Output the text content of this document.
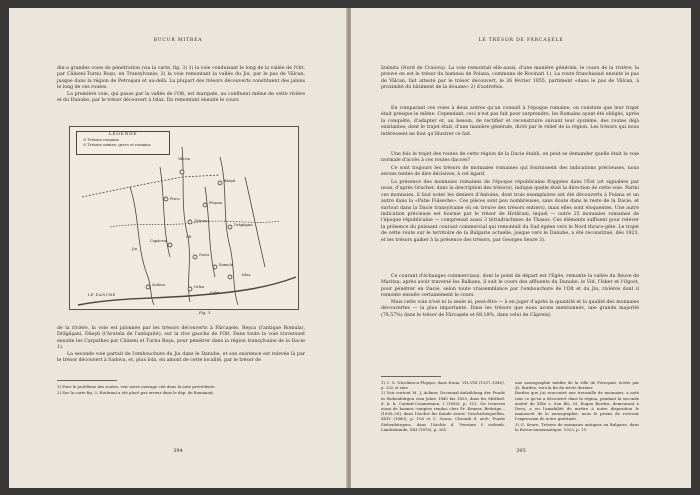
BUCUR MITREA

din-a grandes voies de pénétration (via la carte, fig. 3) 1) la voie conduisant le long de la vallée de l'Olt, par Câineni-Turnu Roşu, en Transylvanie; 2) la voie remontant la vallée du Jiu, par le pas de Vâlcan, jusque dans la région de Petroşani et au-delà. La plupart des trésors découverts constituent des jalons le long de ces routes.

La première voie, qui passe par la vallée de l'Olt, est marquée, au confluent même de cette rivière et du Danube, par le trésor découvert à Islaz. En remontant ensuite le cours

LÉGENDE
⊙ Trésors romains
⊙ Trésors mixtes: grecs et romains
Vâlcea
Băeşti
Piscu
Pleşoiu
Zătreni
Drăgăşani
Copăceni
Osica
Romula
Islaz
Sadova	Orlea
Celei
Jiu
Olt
LE DANUBE
Fig. 3

de la rivière, la voie est jalonnée par les trésors découverts à Fărcaşele, Reşca (l'antique Romula), Drăgăşani, Dăeşti (l'Arutela de l'antiquité), sur la rive gauche de l'Olt. Dans toute la voie traversant ensuite les Carpathes par Câineni et Turnu Roşu, pour pénétrer dans la région transylvaine de la Dacie 1).

La seconde voie partait de l'embouchure du Jiu dans le Danube, et son existence est relevée là par le trésor découvert à Sadova, et, plus loin, en amont de cette localité, par le trésor de

1) Pour le problème des routes, voir notre ouvrage cité dans la note précédente.

2) Sur la carte fig. 3, Hotărani a été placé par erreur dans le dép. de Romanaţi.

394
LE TRÉSOR DE FĂRCAŞELE

Izalnita (Nord de Craiova). La voie remontait elle-aussi, d'une manière générale, le cours de la rivière; la preuve en est le trésor du hameau de Poiana, commune de Rovinari 1). La route franchissait ensuite le pas de Vâlcan, fait attesté par le trésor découvert, le 26 février 1855, partiment «dans le pas de Vâlcan, à proximité du bâtiment de la douane» 2) d'autrefois.

En comparant ces voies à deux autres qu'un connaît à l'époque romaine, on constate que leur trajet était presque le même. Cependant, ceci n'est pas fait pour surprendre, les Romains ayant été obligés, après la conquête, d'adapter et, au besoin, de rectifier et reconstruire suivant leur système, des routes déjà existantes; dont le trajet était, d'une manière générale, dicté par le relief de la région. Les trésors qui nous intéressent ne font qu'illustrer ce fait.

Une fois le trajet des routes de cette région de la Dacie établi, on peut se demander quelle était la voie normale d'accès à ces routes dacces?

Ce sont toujours les trésors de monnaies romaines qui fournissent des indications précieuses, nous serons tentés de dire décisives, à cet égard.

La présence des monnaies romaines de l'époque républicaine frappées dans l'Est (et signalées par nous, d'après Grucher, dans la description des trésors), indique quelle était la direction de cette voie. Parmi ces monnaies, il faut noter les deniers d'Antoine, dont trois exemplaires ont été découverts à Poiana et un autre dans la «Patie Fulseche». Ces pièces sont peu nombreuses, sans doute dans le reste de la Dacie, et surtout dans la Dacie transylvaine où on trouve des trésors entiers), mais elles sont éloquentes. Une autre indication précieuse est fournie par le trésor de Hotărani, lequel — outre 25 monnaies romaines de l'époque républicaine — comprenait aussi 3 tétradrachmes de Thasos. Ces éléments suffisent pour relever la présence du puissant courant commercial qui remontait du Sud égéen vers le Nord thraco-gète. Le trajet de cette route sur le territoire de la Bulgarie actuelle, jusque vers le Danube, a été reconstitué, dès 1923, et les trésors gaiker à la présence des trésors, par Georges Seure 3).

Ce courant d'échanges commerciaux, dont le point de départ est l'Egée, remonte la vallée du fleuve de Maritza; après avoir traversé les Balkans, il suit le cours des affluents du Danube, le Vid, l'Isker et l'Ogost, pour pénétrer en Dacie, selon toute vraisemblance par l'embouchure de l'Olt et du Jiu, rivières dont il remonte ensuite certainement le cours.

Mais cette voie n'est ni la seule ni, peut-être — à en juger d'après la quantité et la qualité des monnaies découvertes — la plus importante. Dans les trésors que nous avons mentionnés, une grande majorité (78,57%) dans le trésor de Fărcaşele et 68,18%, dans celui de Câpreni)

1) C. S. Nicolăescu-Plopşor, dans Dacia, VII–VIII (1937–1940), p. 202 et suiv.

2) Voir surtout M. J. Ackner, Decennal-Aufzählung der Funde in Siebenbürgen vom Jahre 1845 bis 1855, dans les Mittheil. d. k. k. Central-Commission, I (1856), p. 153. On trouvera aussi de bonnes comptes rendus chez Fr. Kenner, Beiträge... (1858–59), dans l'Archiv für Kunde österr. Geschichtsquellen, XXIV (1860), p. 106 et C. Gooss, Chronik d. arch. Funde Siebenbürgens, dans l'Archiv d. Vereines f. siebenb. Landeskunde, XIII (1876), p. 261.

une monographie inédite de la ville de Petroşani, écrite par Şt. Bordea, vers la fin du siècle dernier.

Bordea que j'ai rencontré une trouvaille de monnaies, a noté tout ce qu'on a découvert dans la région, pendant la seconde moitié du XIXe s. Son fils, M. Eugen Bordea, demeurant à Deva, a eu l'amabilité de mettre à notre disposition le manuscrit de la monographie; nous le prions de recevoir l'expression de notre gratitude.

3) G. Seure, Trésors de monnaies antiques en Bulgarie, dans la Revue numismatique, 1923, p. 15.

395
